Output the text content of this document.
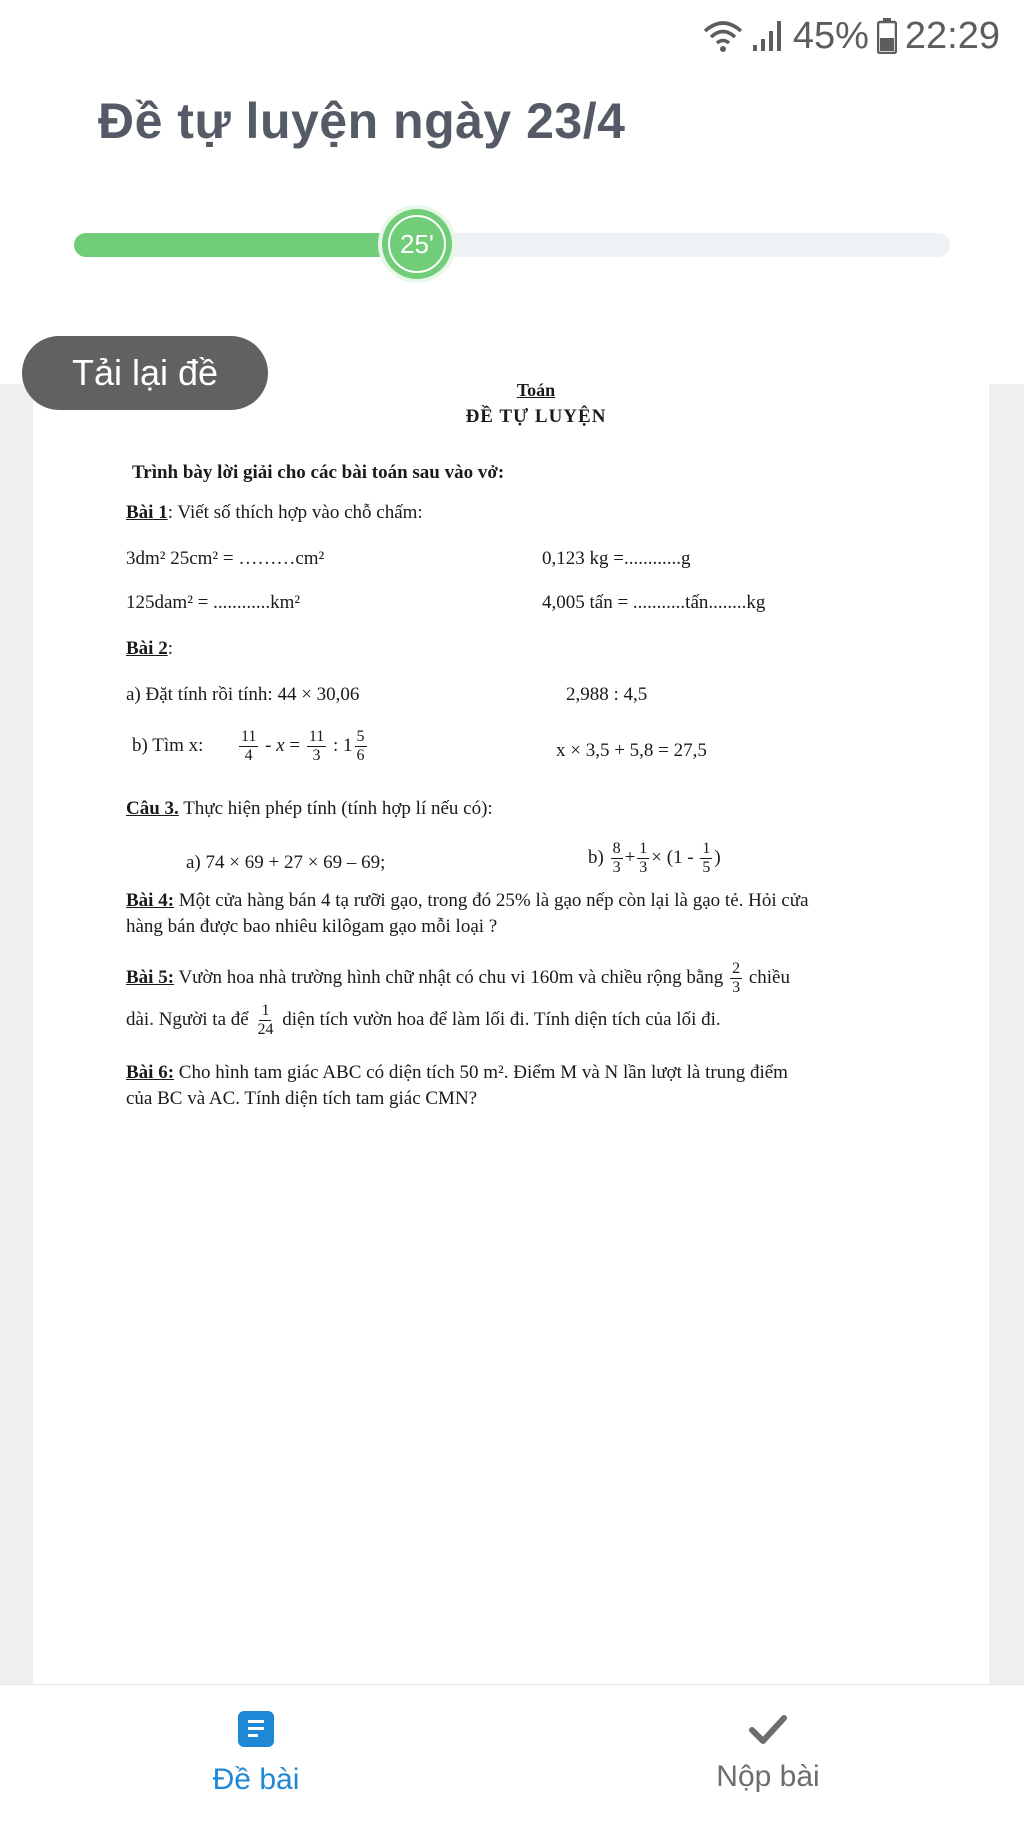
45% 22:29
Đề tự luyện ngày 23/4
25'
Tải lại đề	Toán
ĐỀ TỰ LUYỆN
Trình bày lời giải cho các bài toán sau vào vở:
Bài 1: Viết số thích hợp vào chỗ chấm:
3dm² 25cm² = ………cm²	0,123 kg =............g
125dam² = ............km²	4,005 tấn = ...........tấn........kg
Bài 2:
a) Đặt tính rồi tính: 44 × 30,06	2,988 : 4,5
b) Tìm x: $\frac{11}{4} - x = \frac{11}{3}$ : $1 \frac{5}{6}$	x × 3,5 + 5,8 = 27,5
Câu 3. Thực hiện phép tính (tính hợp lí nếu có):
a) 74 × 69 + 27 × 69 – 69;	$b) \frac{8}{3} + \frac{1}{3} \times (1 - \frac{1}{5}$ )
Bài 4: Một cửa hàng bán 4 tạ rưỡi gạo, trong đó 25% là gạo nếp còn lại là gạo tẻ. Hỏi cửa
hàng bán được bao nhiêu kilôgam gạo mỗi loại ?
Bài 5: Vườn hoa nhà trường hình chữ nhật có chu vi 160m và chiều rộng bằng $\frac{2}{3}$ chiều
dài. Người ta để $\frac{1}{24}$ diện tích vườn hoa để làm lối đi. Tính diện tích của lối đi.
Bài 6: Cho hình tam giác ABC có diện tích 50 m². Điểm M và N lần lượt là trung điểm
của BC và AC. Tính diện tích tam giác CMN?
Đề bài	Nộp bài
